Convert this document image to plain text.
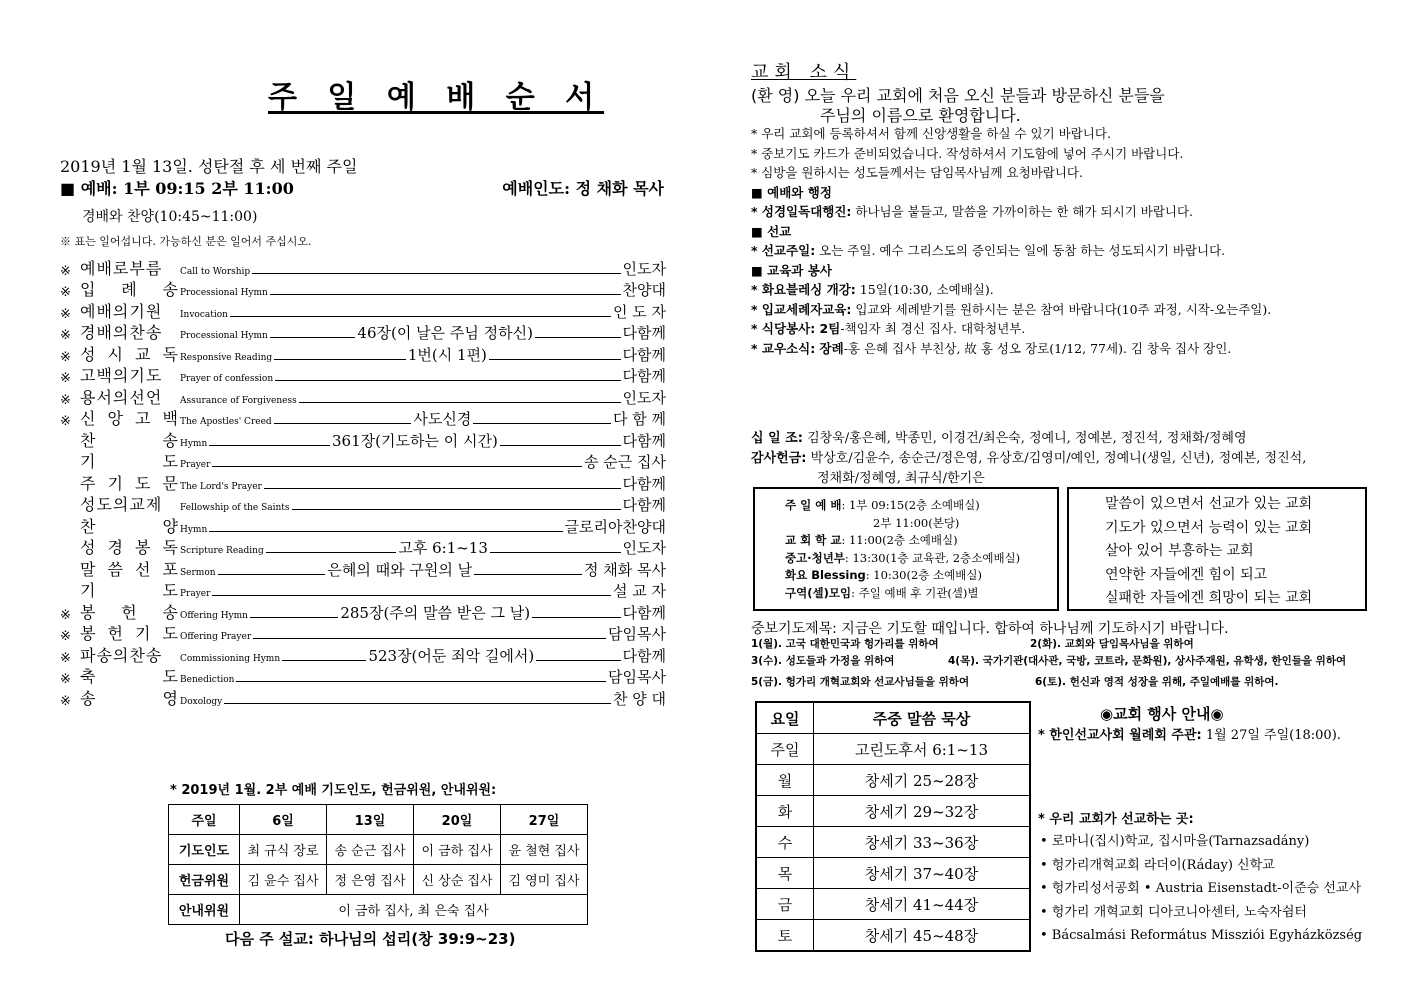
주 일 예 배 순 서
2019년 1월 13일. 성탄절 후 세 번째 주일
■ 예배: 1부 09:15 2부 11:00	예배인도: 정 채화 목사
경배와 찬양(10:45~11:00)
※ 표는 일어섭니다. 가능하신 분은 일어서 주십시오.
※ 예배로부름	Call to Worship	인도자
※ 입 례 송 Processional Hymn	찬양대
※ 예배의기원	Invocation	인 도 자
※ 경배의찬송	Processional Hymn	46장(이 날은 주님 정하신)	다함께
※ 성 시 교 독 Responsive Reading	1번(시 1편)	다함께
※ 고백의기도	Prayer of confession	다함께
※ 용서의선언	Assurance of Forgiveness	인도자
※ 신 앙 고 백 The Apostles' Creed	사도신경	다 함 께
찬	송 Hymn	361장(기도하는 이 시간)	다함께
기	도 Prayer	송 순근 집사
주 기 도 문 The Lord's Prayer	다함께
성도의교제	Fellowship of the Saints	다함께
찬	양 Hymn	글로리아찬양대
성 경 봉 독 Scripture Reading	고후 6:1~13	인도자
말 씀 선 포 Sermon	은혜의 때와 구원의 날	정 채화 목사
기	도 Prayer	설 교 자
※ 봉 헌 송 Offering Hymn	285장(주의 말씀 받은 그 날)	다함께
※ 봉 헌 기 도 Offering Prayer	담임목사
※ 파송의찬송	Commissioning Hymn	523장(어둔 죄악 길에서)	다함께
※ 축	도 Benediction	담임목사
※ 송	영 Doxology	찬 양 대
* 2019년 1월. 2부 예배 기도인도, 헌금위원, 안내위원:
주일	6일	13일	20일	27일
기도인도	최 규식 장로	송 순근 집사	이 금하 집사	윤 철현 집사
헌금위원	김 윤수 집사	정 은영 집사	신 상순 집사	김 영미 집사
안내위원	이 금하 집사, 최 은숙 집사			
다음 주 설교: 하나님의 섭리(창 39:9~23)
교회 소식
(환 영) 오늘 우리 교회에 처음 오신 분들과 방문하신 분들을
주님의 이름으로 환영합니다.
* 우리 교회에 등록하셔서 함께 신앙생활을 하실 수 있기 바랍니다.
* 중보기도 카드가 준비되었습니다. 작성하셔서 기도함에 넣어 주시기 바랍니다.
* 심방을 원하시는 성도들께서는 담임목사님께 요청바랍니다.
■ 예배와 행정
* 성경일독대행진: 하나님을 붙들고, 말씀을 가까이하는 한 해가 되시기 바랍니다.
■ 선교
* 선교주일: 오는 주일. 예수 그리스도의 증인되는 일에 동참 하는 성도되시기 바랍니다.
■ 교육과 봉사
* 화요블레싱 개강: 15일(10:30, 소예배실).
* 입교세례자교육: 입교와 세례받기를 원하시는 분은 참여 바랍니다(10주 과정, 시작-오는주일).
* 식당봉사: 2팀-책임자 최 경신 집사. 대학청년부.
* 교우소식: 장례-홍 은혜 집사 부친상, 故 홍 성오 장로(1/12, 77세). 김 창욱 집사 장인.
십 일 조: 김창욱/홍은혜, 박종민, 이경건/최은숙, 정예니, 정예본, 정진석, 정채화/정혜영
감사헌금: 박상호/김윤수, 송순근/정은영, 유상호/김영미/예인, 정예니(생일, 신년), 정예본, 정진석,
정채화/정혜영, 최규식/한기은
주 일 예 배: 1부 09:15(2층 소예배실)
2부 11:00(본당)
교 회 학 교: 11:00(2층 소예배실)
중고·청년부: 13:30(1층 교육관, 2층소예배실)
화요 Blessing: 10:30(2층 소예배실)
구역(셀)모임: 주일 예배 후 기관(셀)별
말씀이 있으면서 선교가 있는 교회
기도가 있으면서 능력이 있는 교회
살아 있어 부흥하는 교회
연약한 자들에겐 힘이 되고
실패한 자들에겐 희망이 되는 교회
중보기도제목: 지금은 기도할 때입니다. 합하여 하나님께 기도하시기 바랍니다.
1(월). 고국 대한민국과 헝가리를 위하여	2(화). 교회와 담임목사님을 위하여
3(수). 성도들과 가정을 위하여	4(목). 국가기관(대사관, 국방, 코트라, 문화원), 상사주재원, 유학생, 한인들을 위하여
5(금). 헝가리 개혁교회와 선교사님들을 위하여	6(토). 헌신과 영적 성장을 위해, 주일예배를 위하여.
요일	주중 말씀 묵상
주일	고린도후서 6:1~13
월	창세기 25~28장
화	창세기 29~32장
수	창세기 33~36장
목	창세기 37~40장
금	창세기 41~44장
토	창세기 45~48장
◉교회 행사 안내◉
* 한인선교사회 월례회 주관: 1월 27일 주일(18:00).
* 우리 교회가 선교하는 곳:
• 로마니(집시)학교, 집시마을(Tarnazsadány)
• 헝가리개혁교회 라더이(Ráday) 신학교
• 헝가리성서공회 • Austria Eisenstadt-이준승 선교사
• 헝가리 개혁교회 디아코니아센터, 노숙자쉼터
• Bácsalmási Református Missziói Egyházközség
